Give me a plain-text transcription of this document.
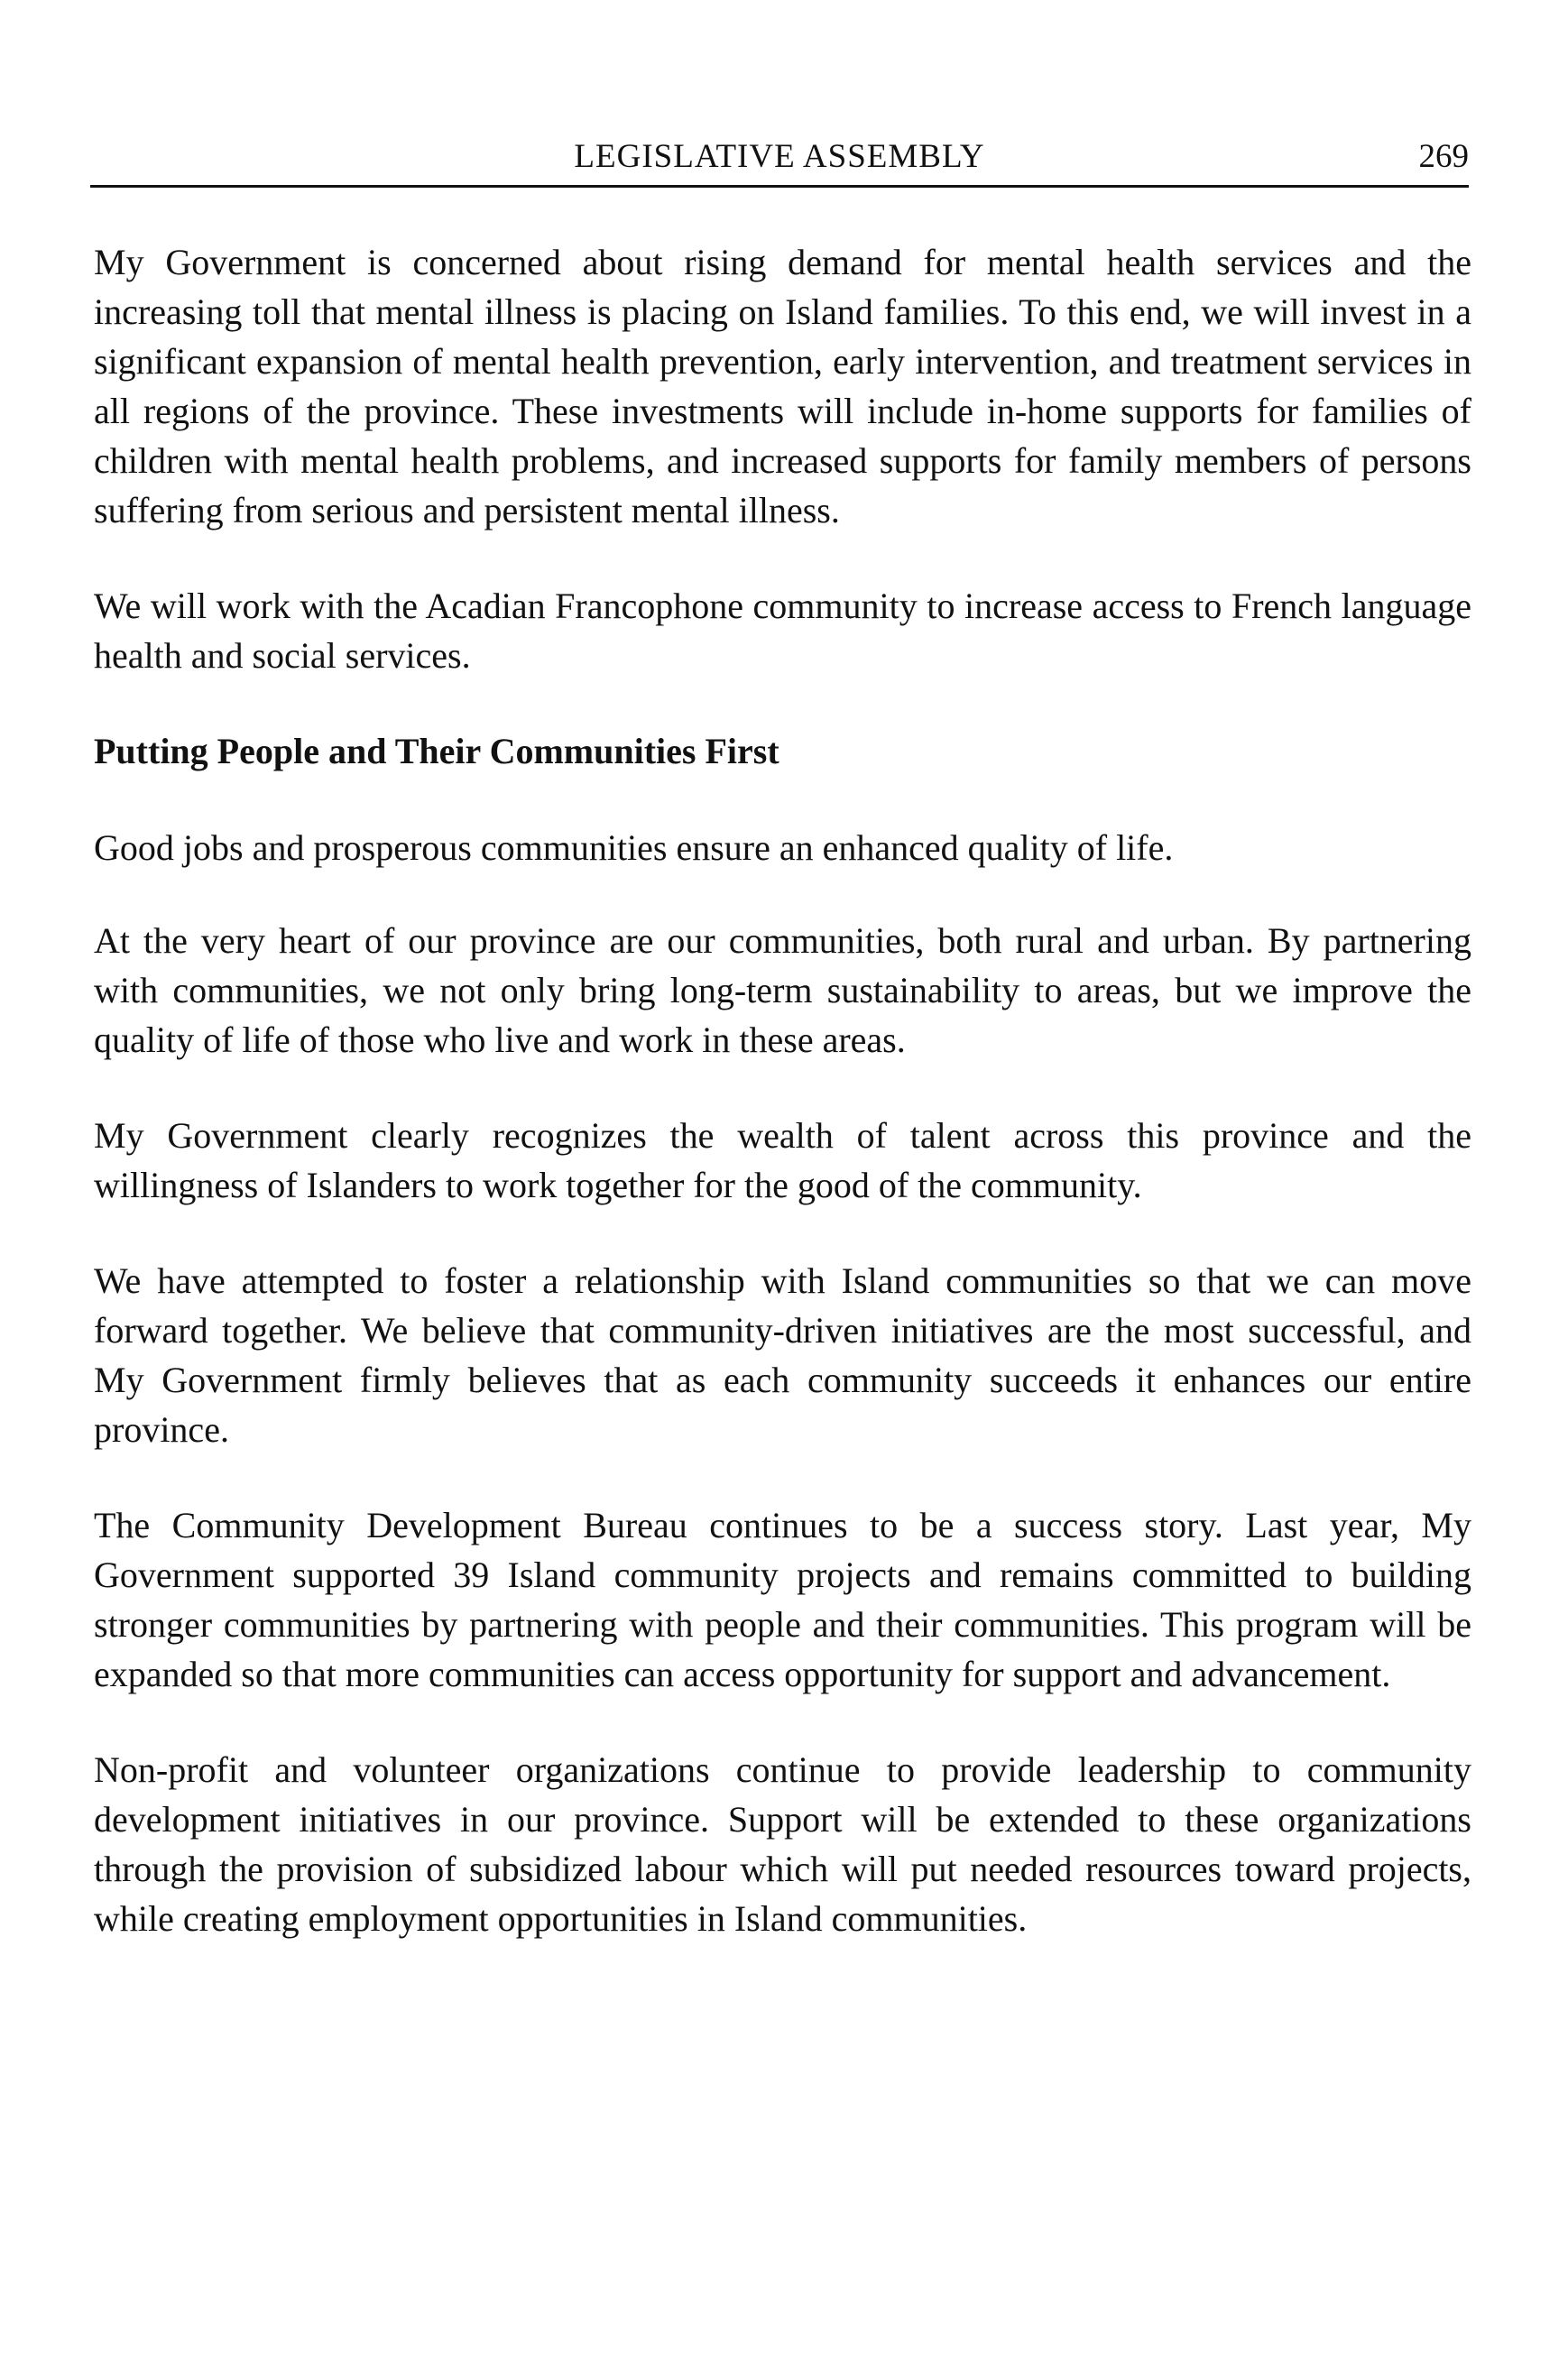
LEGISLATIVE ASSEMBLY	269

My Government is concerned about rising demand for mental health services and the increasing toll that mental illness is placing on Island families. To this end, we will invest in a significant expansion of mental health prevention, early intervention, and treatment services in all regions of the province. These investments will include in-home supports for families of children with mental health problems, and increased supports for family members of persons suffering from serious and persistent mental illness.

We will work with the Acadian Francophone community to increase access to French language health and social services.

Putting People and Their Communities First

Good jobs and prosperous communities ensure an enhanced quality of life.

At the very heart of our province are our communities, both rural and urban. By partnering with communities, we not only bring long-term sustainability to areas, but we improve the quality of life of those who live and work in these areas.

My Government clearly recognizes the wealth of talent across this province and the willingness of Islanders to work together for the good of the community.

We have attempted to foster a relationship with Island communities so that we can move forward together. We believe that community-driven initiatives are the most successful, and My Government firmly believes that as each community succeeds it enhances our entire province.

The Community Development Bureau continues to be a success story. Last year, My Government supported 39 Island community projects and remains committed to building stronger communities by partnering with people and their communities. This program will be expanded so that more communities can access opportunity for support and advancement.

Non-profit and volunteer organizations continue to provide leadership to community development initiatives in our province. Support will be extended to these organizations through the provision of subsidized labour which will put needed resources toward projects, while creating employment opportunities in Island communities.
